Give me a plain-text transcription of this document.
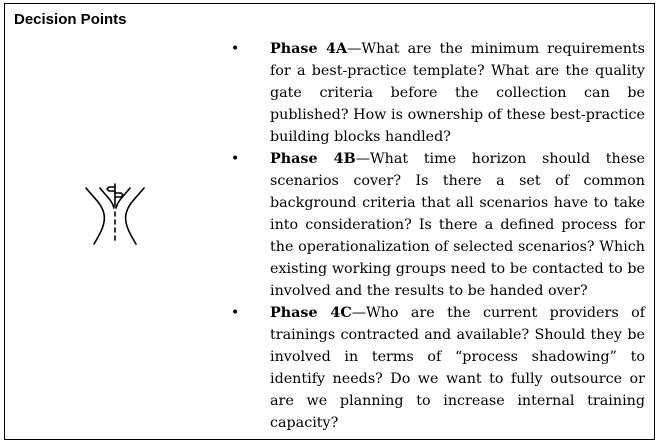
Decision Points
• Phase 4A—What are the minimum requirements for a best-practice template? What are the quality gate criteria before the collection can be published? How is ownership of these best-practice building blocks handled?
• Phase 4B—What time horizon should these scenarios cover? Is there a set of common background criteria that all scenarios have to take into consideration? Is there a defined process for the operationalization of selected scenarios? Which existing working groups need to be contacted to be involved and the results to be handed over?
• Phase 4C—Who are the current providers of trainings contracted and available? Should they be involved in terms of “process shadowing” to identify needs? Do we want to fully outsource or are we planning to increase internal training capacity?
